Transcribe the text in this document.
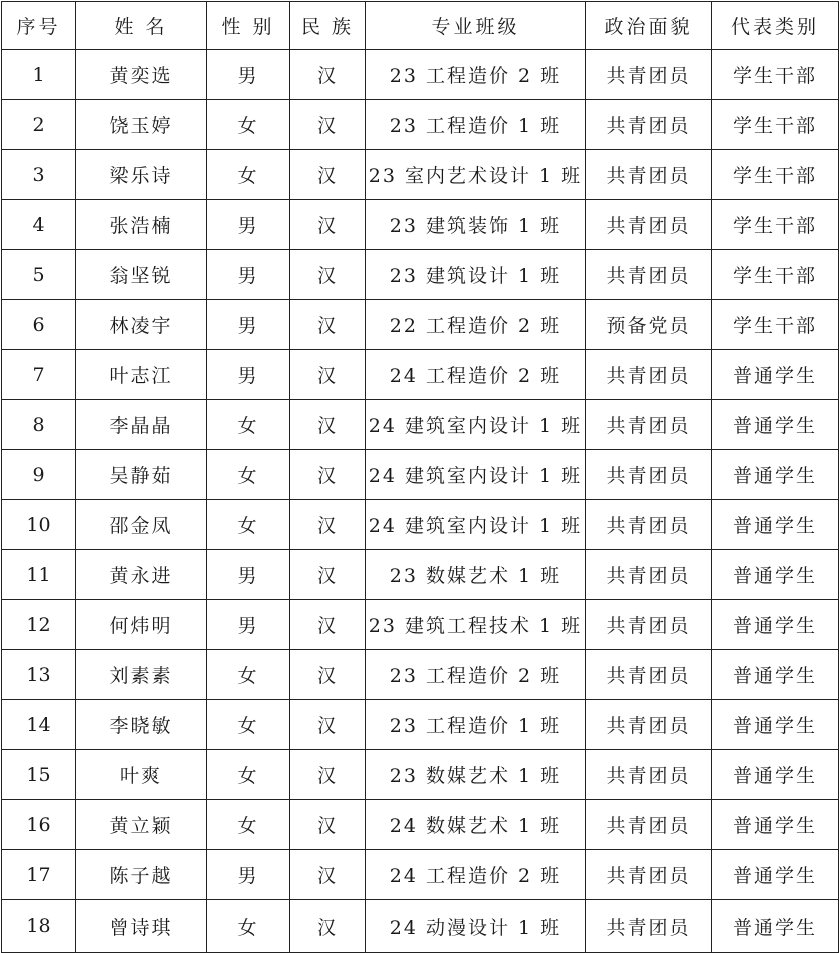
序号	姓 名	性 别	民 族	专业班级	政治面貌	代表类别
1	黄奕选	男	汉	23 工程造价 2 班	共青团员	学生干部
2	饶玉婷	女	汉	23 工程造价 1 班	共青团员	学生干部
3	梁乐诗	女	汉	23 室内艺术设计 1 班	共青团员	学生干部
4	张浩楠	男	汉	23 建筑装饰 1 班	共青团员	学生干部
5	翁坚锐	男	汉	23 建筑设计 1 班	共青团员	学生干部
6	林凌宇	男	汉	22 工程造价 2 班	预备党员	学生干部
7	叶志江	男	汉	24 工程造价 2 班	共青团员	普通学生
8	李晶晶	女	汉	24 建筑室内设计 1 班	共青团员	普通学生
9	吴静茹	女	汉	24 建筑室内设计 1 班	共青团员	普通学生
10	邵金凤	女	汉	24 建筑室内设计 1 班	共青团员	普通学生
11	黄永进	男	汉	23 数媒艺术 1 班	共青团员	普通学生
12	何炜明	男	汉	23 建筑工程技术 1 班	共青团员	普通学生
13	刘素素	女	汉	23 工程造价 2 班	共青团员	普通学生
14	李晓敏	女	汉	23 工程造价 1 班	共青团员	普通学生
15	叶爽	女	汉	23 数媒艺术 1 班	共青团员	普通学生
16	黄立颖	女	汉	24 数媒艺术 1 班	共青团员	普通学生
17	陈子越	男	汉	24 工程造价 2 班	共青团员	普通学生
18	曾诗琪	女	汉	24 动漫设计 1 班	共青团员	普通学生
